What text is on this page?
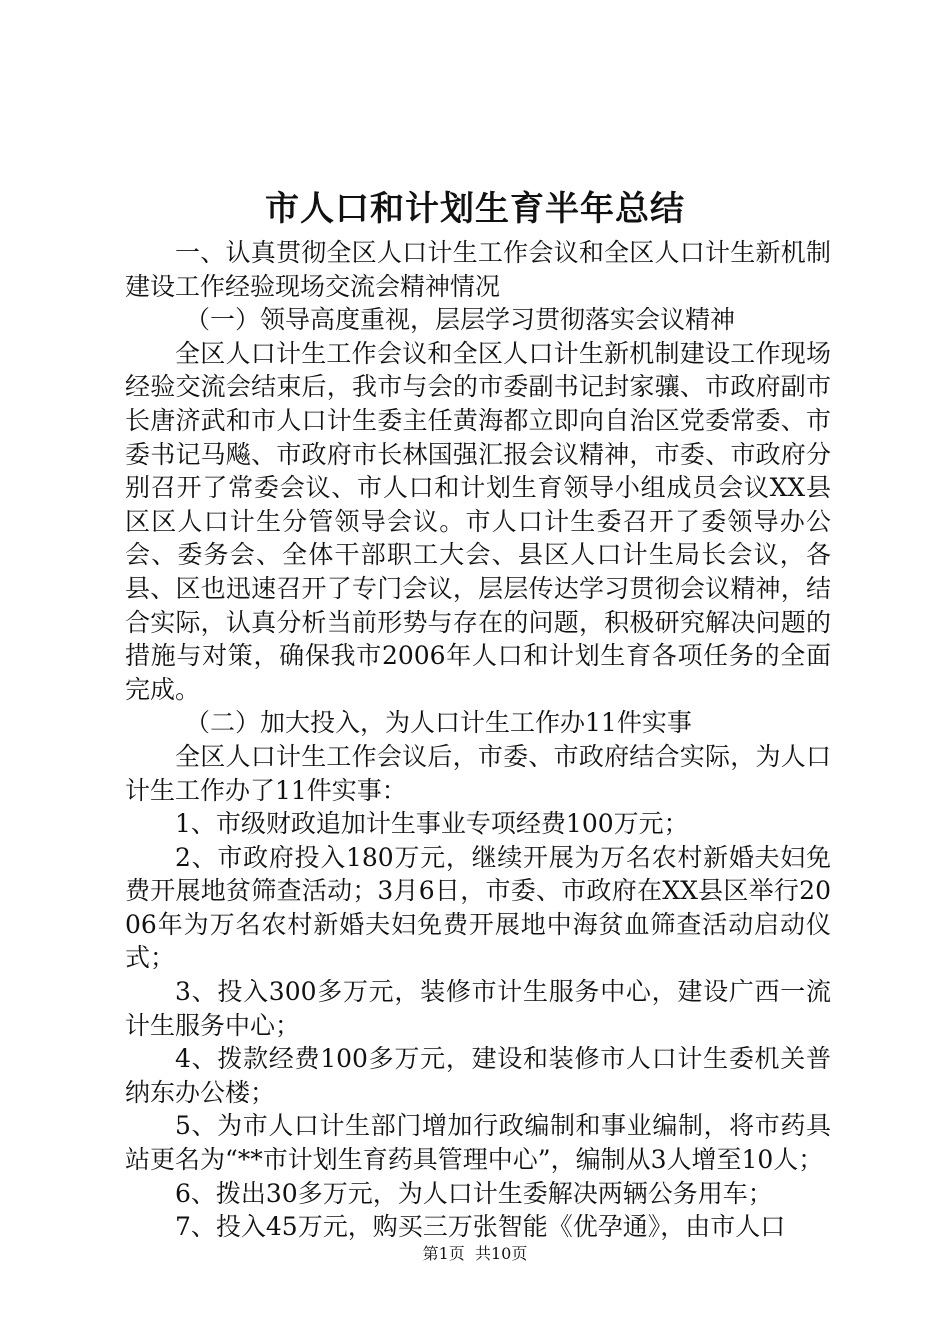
市人口和计划生育半年总结

一、认真贯彻全区人口计生工作会议和全区人口计生新机制建设工作经验现场交流会精神情况

（一）领导高度重视，层层学习贯彻落实会议精神

全区人口计生工作会议和全区人口计生新机制建设工作现场经验交流会结束后，我市与会的市委副书记封家骧、市政府副市长唐济武和市人口计生委主任黄海都立即向自治区党委常委、市委书记马飚、市政府市长林国强汇报会议精神，市委、市政府分别召开了常委会议、市人口和计划生育领导小组成员会议XX县区区人口计生分管领导会议。市人口计生委召开了委领导办公会、委务会、全体干部职工大会、县区人口计生局长会议，各县、区也迅速召开了专门会议，层层传达学习贯彻会议精神，结合实际，认真分析当前形势与存在的问题，积极研究解决问题的措施与对策，确保我市2006年人口和计划生育各项任务的全面完成。

（二）加大投入，为人口计生工作办11件实事

全区人口计生工作会议后，市委、市政府结合实际，为人口计生工作办了11件实事：

1、市级财政追加计生事业专项经费100万元；

2、市政府投入180万元，继续开展为万名农村新婚夫妇免费开展地贫筛查活动；3月6日，市委、市政府在XX县区举行2006年为万名农村新婚夫妇免费开展地中海贫血筛查活动启动仪式；

3、投入300多万元，装修市计生服务中心，建设广西一流计生服务中心；

4、拨款经费100多万元，建设和装修市人口计生委机关普纳东办公楼；

5、为市人口计生部门增加行政编制和事业编制，将市药具站更名为“**市计划生育药具管理中心”，编制从3人增至10人；

6、拨出30多万元，为人口计生委解决两辆公务用车；

7、投入45万元，购买三万张智能《优孕通》，由市人口

第1页 共10页
